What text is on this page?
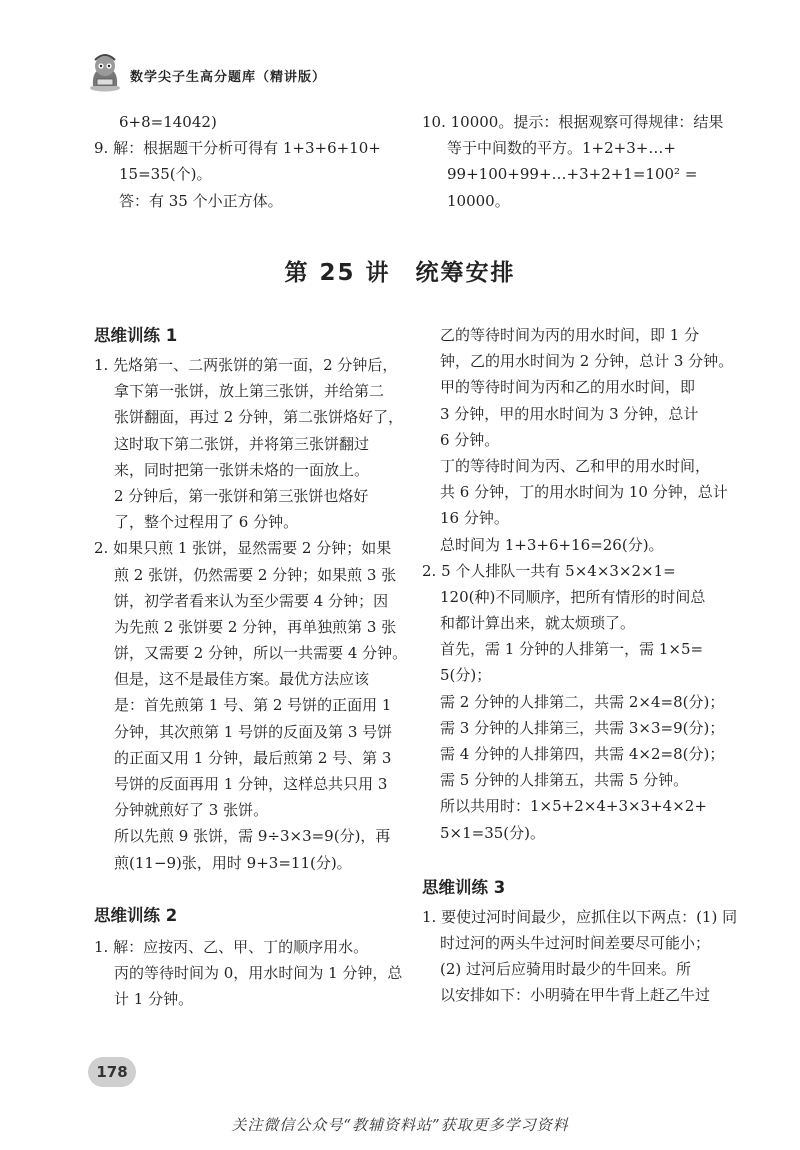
数学尖子生高分题库（精讲版）
6+8=14042)
9. 解：根据题干分析可得有 1+3+6+10+
15=35(个)。
答：有 35 个小正方体。
10. 10000。提示：根据观察可得规律：结果
等于中间数的平方。1+2+3+…+
99+100+99+…+3+2+1=100² =
10000。
第 25 讲　统筹安排
思维训练 1
1. 先烙第一、二两张饼的第一面，2 分钟后，
拿下第一张饼，放上第三张饼，并给第二
张饼翻面，再过 2 分钟，第二张饼烙好了，
这时取下第二张饼，并将第三张饼翻过
来，同时把第一张饼未烙的一面放上。
2 分钟后，第一张饼和第三张饼也烙好
了，整个过程用了 6 分钟。
2. 如果只煎 1 张饼，显然需要 2 分钟；如果
煎 2 张饼，仍然需要 2 分钟；如果煎 3 张
饼，初学者看来认为至少需要 4 分钟；因
为先煎 2 张饼要 2 分钟，再单独煎第 3 张
饼，又需要 2 分钟，所以一共需要 4 分钟。
但是，这不是最佳方案。最优方法应该
是：首先煎第 1 号、第 2 号饼的正面用 1
分钟，其次煎第 1 号饼的反面及第 3 号饼
的正面又用 1 分钟，最后煎第 2 号、第 3
号饼的反面再用 1 分钟，这样总共只用 3
分钟就煎好了 3 张饼。
所以先煎 9 张饼，需 9÷3×3=9(分)，再
煎(11−9)张，用时 9+3=11(分)。
思维训练 2
1. 解：应按丙、乙、甲、丁的顺序用水。
丙的等待时间为 0，用水时间为 1 分钟，总
计 1 分钟。
乙的等待时间为丙的用水时间，即 1 分
钟，乙的用水时间为 2 分钟，总计 3 分钟。
甲的等待时间为丙和乙的用水时间，即
3 分钟，甲的用水时间为 3 分钟，总计
6 分钟。
丁的等待时间为丙、乙和甲的用水时间，
共 6 分钟，丁的用水时间为 10 分钟，总计
16 分钟。
总时间为 1+3+6+16=26(分)。
2. 5 个人排队一共有 5×4×3×2×1=
120(种)不同顺序，把所有情形的时间总
和都计算出来，就太烦琐了。
首先，需 1 分钟的人排第一，需 1×5=
5(分)；
需 2 分钟的人排第二，共需 2×4=8(分)；
需 3 分钟的人排第三，共需 3×3=9(分)；
需 4 分钟的人排第四，共需 4×2=8(分)；
需 5 分钟的人排第五，共需 5 分钟。
所以共用时：1×5+2×4+3×3+4×2+
5×1=35(分)。
思维训练 3
1. 要使过河时间最少，应抓住以下两点：(1) 同
时过河的两头牛过河时间差要尽可能小；
(2) 过河后应骑用时最少的牛回来。所
以安排如下：小明骑在甲牛背上赶乙牛过
178
关注微信公众号“教辅资料站”获取更多学习资料
